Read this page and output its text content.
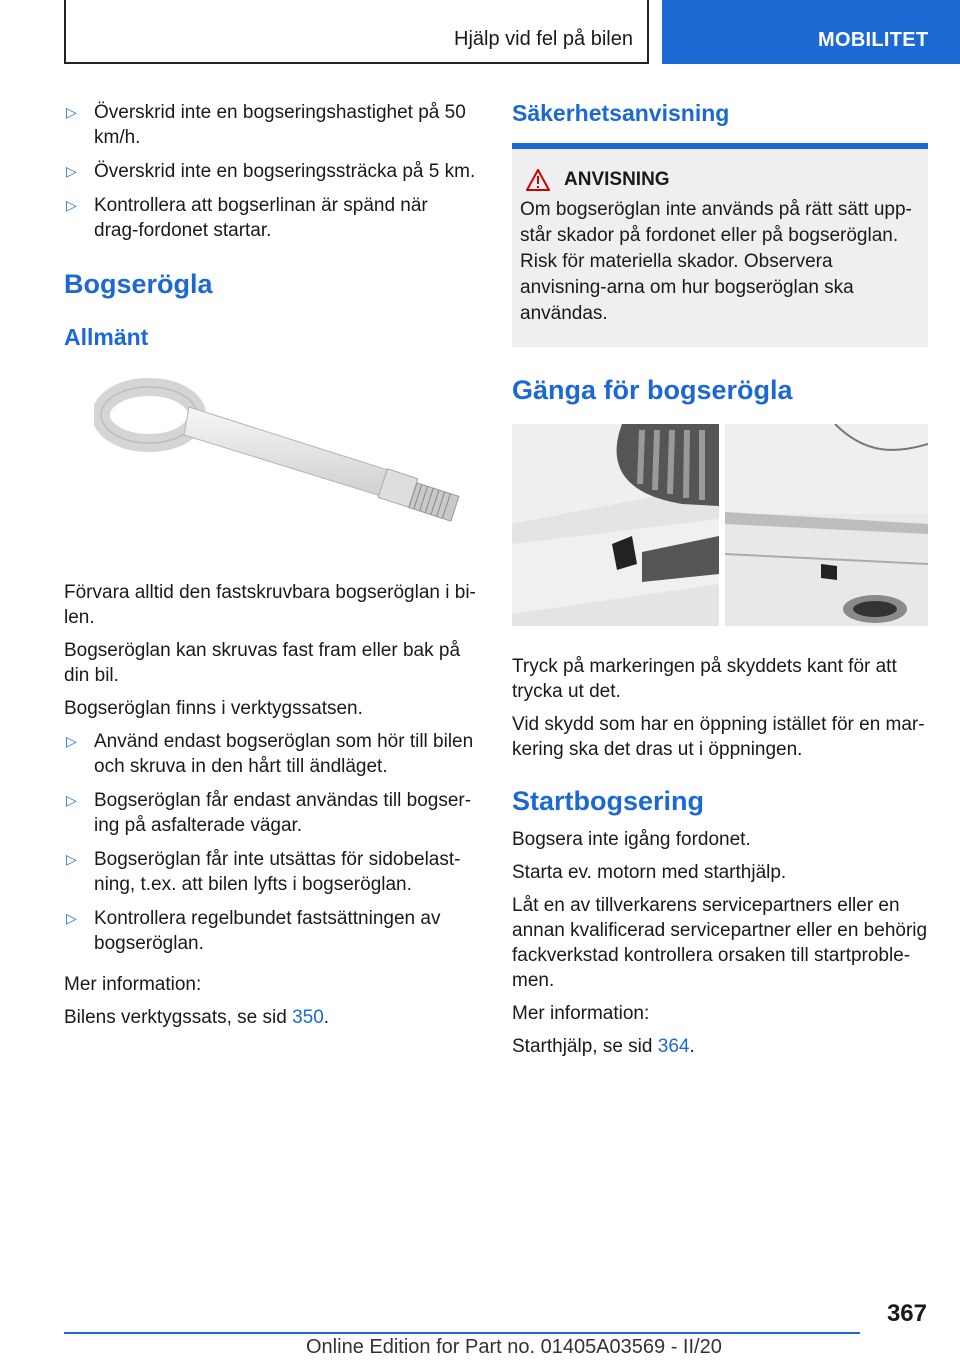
Hjälp vid fel på bilen	MOBILITET
▷ Överskrid inte en bogseringshastighet på 50 km/h.
▷ Överskrid inte en bogseringssträcka på 5 km.
▷ Kontrollera att bogserlinan är spänd när drag-fordonet startar.
Bogserögla
Allmänt

Förvara alltid den fastskruvbara bogseröglan i bi-len.

Bogseröglan kan skruvas fast fram eller bak på din bil.

Bogseröglan finns i verktygssatsen.

▷ Använd endast bogseröglan som hör till bilen och skruva in den hårt till ändläget.
▷ Bogseröglan får endast användas till bogser-ing på asfalterade vägar.
▷ Bogseröglan får inte utsättas för sidobelast-ning, t.ex. att bilen lyfts i bogseröglan.
▷ Kontrollera regelbundet fastsättningen av bogseröglan.

Mer information:

Bilens verktygssats, se sid 350.

Säkerhetsanvisning
ANVISNING
Om bogseröglan inte används på rätt sätt upp-står skador på fordonet eller på bogseröglan. Risk för materiella skador. Observera anvisning-arna om hur bogseröglan ska användas.
Gänga för bogserögla

Tryck på markeringen på skyddets kant för att trycka ut det.

Vid skydd som har en öppning istället för en mar-kering ska det dras ut i öppningen.

Startbogsering

Bogsera inte igång fordonet.

Starta ev. motorn med starthjälp.

Låt en av tillverkarens servicepartners eller en annan kvalificerad servicepartner eller en behörig fackverkstad kontrollera orsaken till startproble-men.

Mer information:

Starthjälp, se sid 364.

367
Online Edition for Part no. 01405A03569 - II/20
